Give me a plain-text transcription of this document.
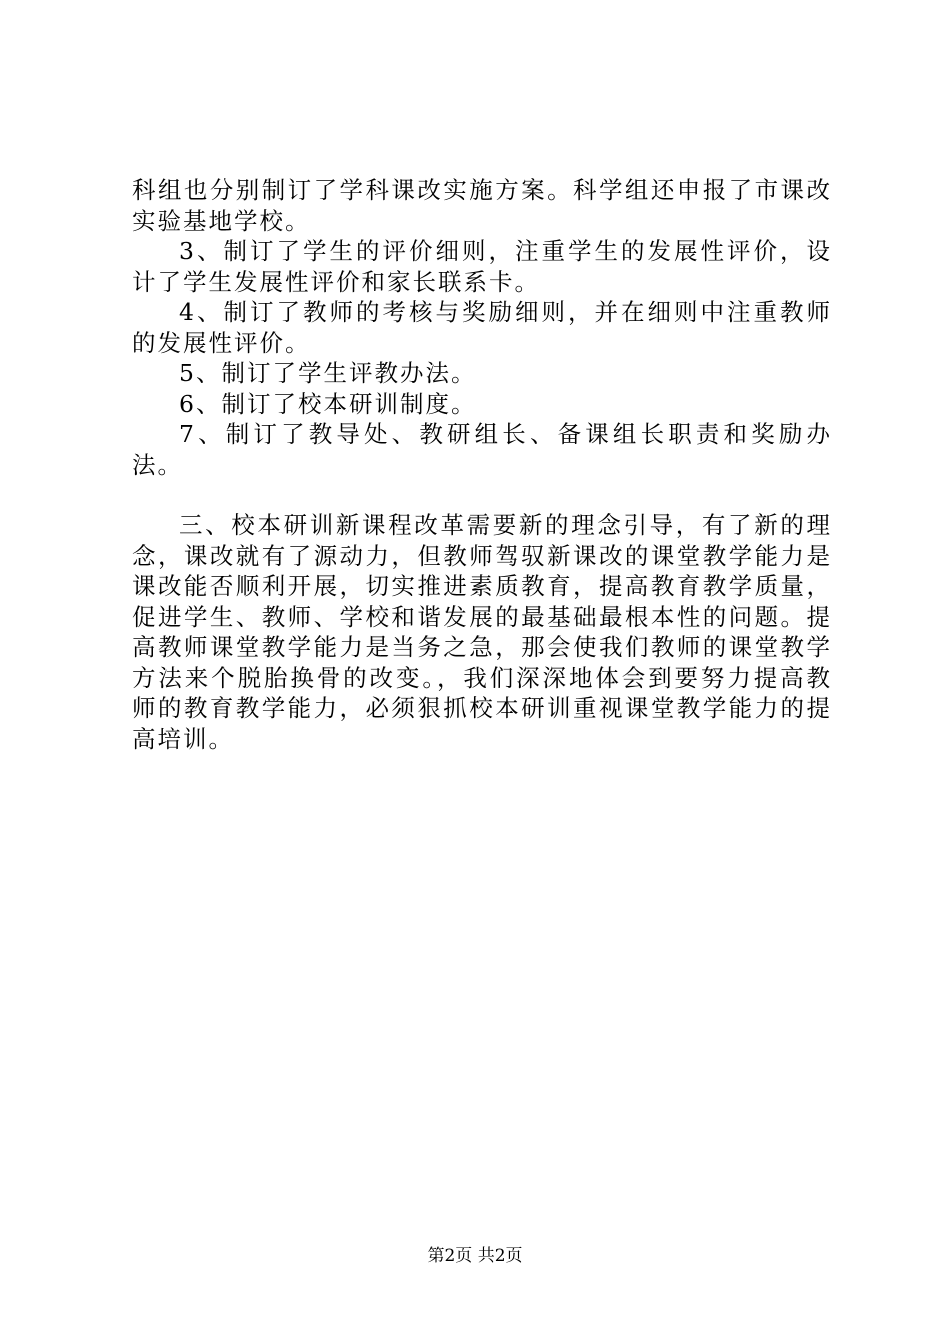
科组也分别制订了学科课改实施方案。科学组还申报了市课改实验基地学校。

3、制订了学生的评价细则，注重学生的发展性评价，设计了学生发展性评价和家长联系卡。

4、制订了教师的考核与奖励细则，并在细则中注重教师的发展性评价。

5、制订了学生评教办法。

6、制订了校本研训制度。

7、制订了教导处、教研组长、备课组长职责和奖励办法。

三、校本研训新课程改革需要新的理念引导，有了新的理念，课改就有了源动力，但教师驾驭新课改的课堂教学能力是课改能否顺利开展，切实推进素质教育，提高教育教学质量，促进学生、教师、学校和谐发展的最基础最根本性的问题。提高教师课堂教学能力是当务之急，那会使我们教师的课堂教学方法来个脱胎换骨的改变。，我们深深地体会到要努力提高教师的教育教学能力，必须狠抓校本研训重视课堂教学能力的提高培训。

第2页 共2页
